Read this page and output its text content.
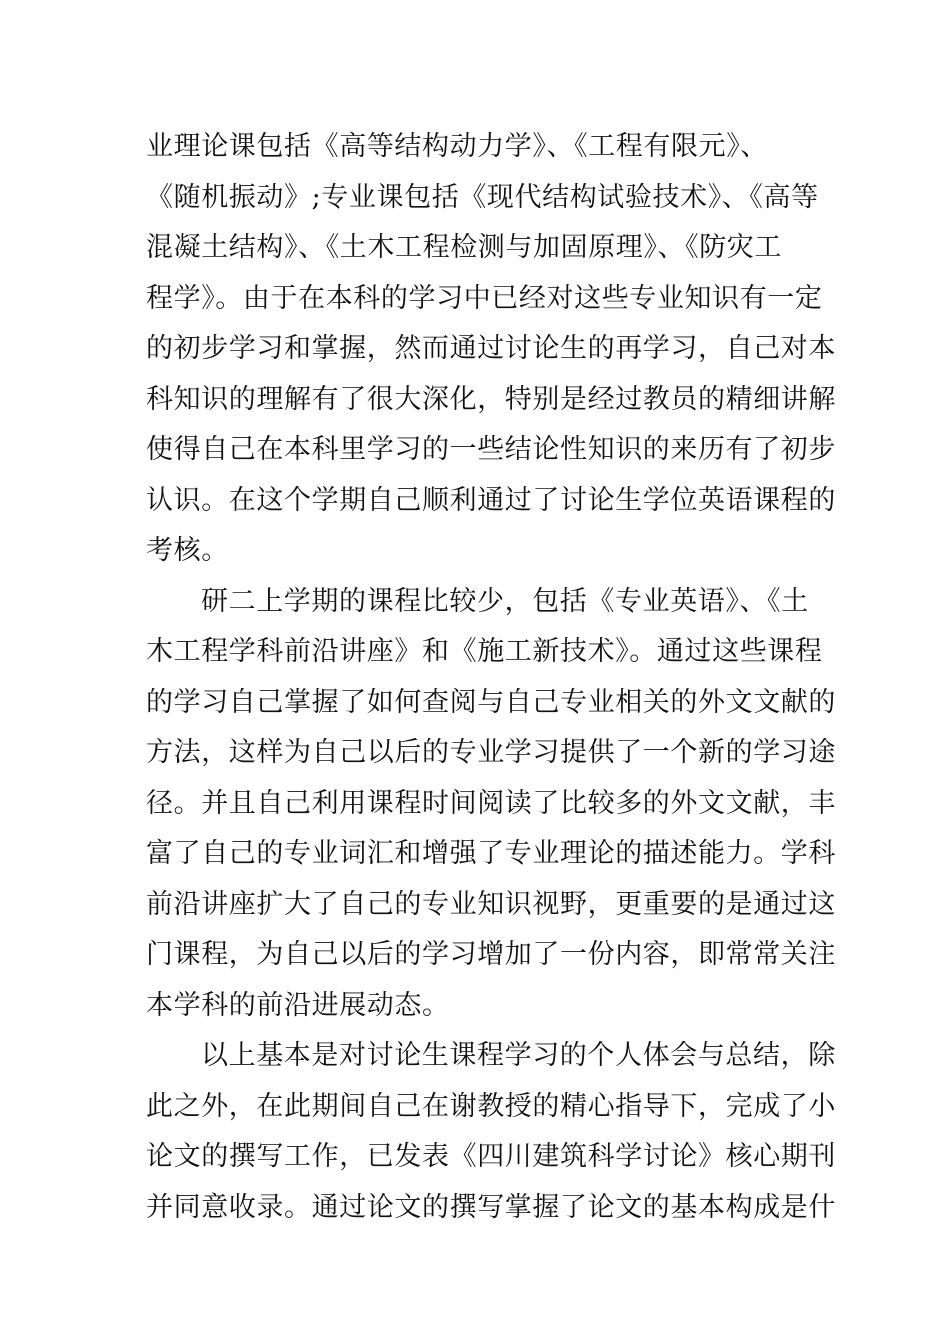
业理论课包括《高等结构动力学》、《工程有限元》、
《随机振动》;专业课包括《现代结构试验技术》、《高等
混凝土结构》、《土木工程检测与加固原理》、《防灾工
程学》。由于在本科的学习中已经对这些专业知识有一定
的初步学习和掌握，然而通过讨论生的再学习，自己对本
科知识的理解有了很大深化，特别是经过教员的精细讲解
使得自己在本科里学习的一些结论性知识的来历有了初步
认识。在这个学期自己顺利通过了讨论生学位英语课程的
考核。
研二上学期的课程比较少，包括《专业英语》、《土
木工程学科前沿讲座》和《施工新技术》。通过这些课程
的学习自己掌握了如何查阅与自己专业相关的外文文献的
方法，这样为自己以后的专业学习提供了一个新的学习途
径。并且自己利用课程时间阅读了比较多的外文文献，丰
富了自己的专业词汇和增强了专业理论的描述能力。学科
前沿讲座扩大了自己的专业知识视野，更重要的是通过这
门课程，为自己以后的学习增加了一份内容，即常常关注
本学科的前沿进展动态。
以上基本是对讨论生课程学习的个人体会与总结，除
此之外，在此期间自己在谢教授的精心指导下，完成了小
论文的撰写工作，已发表《四川建筑科学讨论》核心期刊
并同意收录。通过论文的撰写掌握了论文的基本构成是什
